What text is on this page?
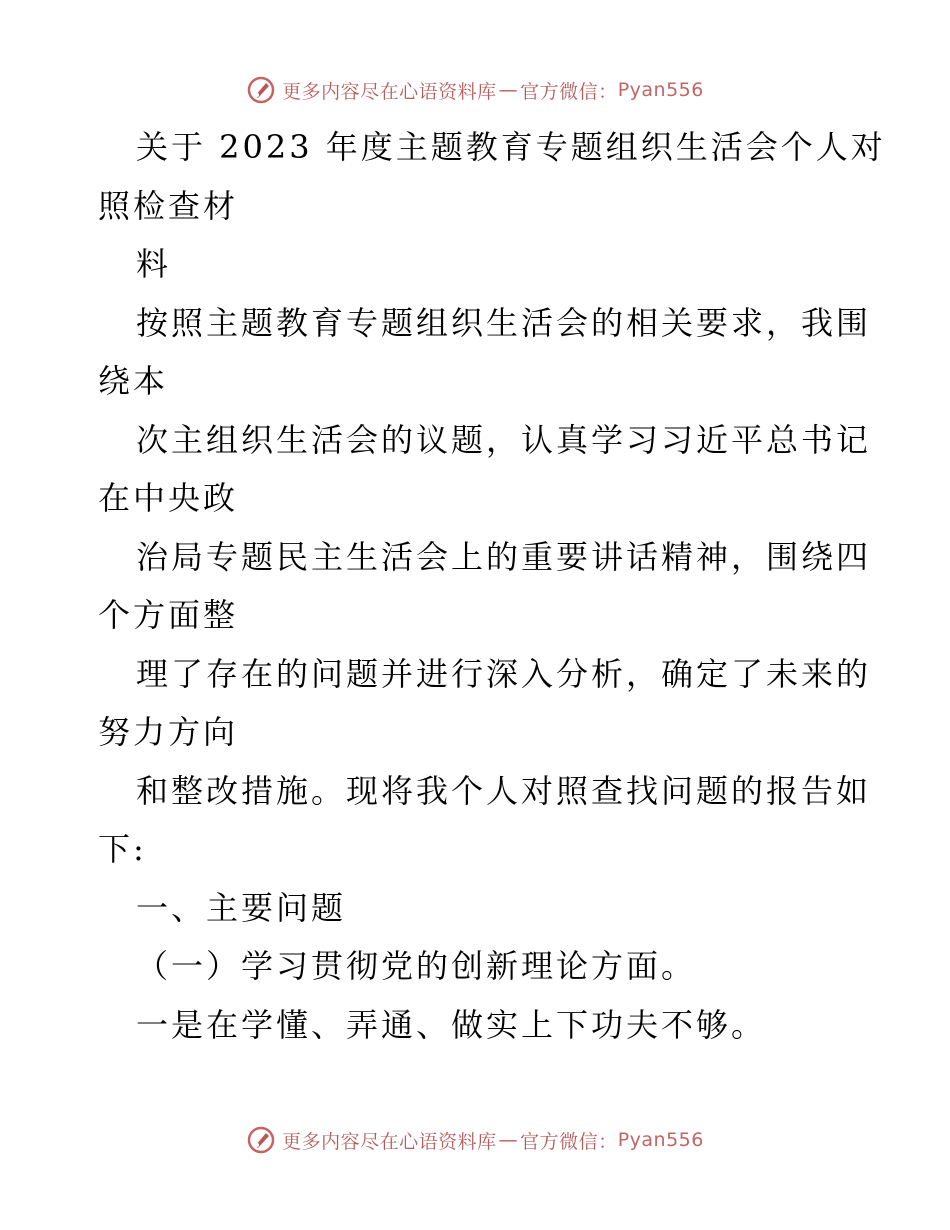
更多内容尽在心语资料库 — 官方微信： Pyan556
关于 2023 年度主题教育专题组织生活会个人对
照检查材
料
按照主题教育专题组织生活会的相关要求，我围
绕本
次主组织生活会的议题，认真学习习近平总书记
在中央政
治局专题民主生活会上的重要讲话精神，围绕四
个方面整
理了存在的问题并进行深入分析，确定了未来的
努力方向
和整改措施。现将我个人对照查找问题的报告如
下:
一、主要问题
（一）学习贯彻党的创新理论方面。
一是在学懂、弄通、做实上下功夫不够。
更多内容尽在心语资料库 — 官方微信： Pyan556
